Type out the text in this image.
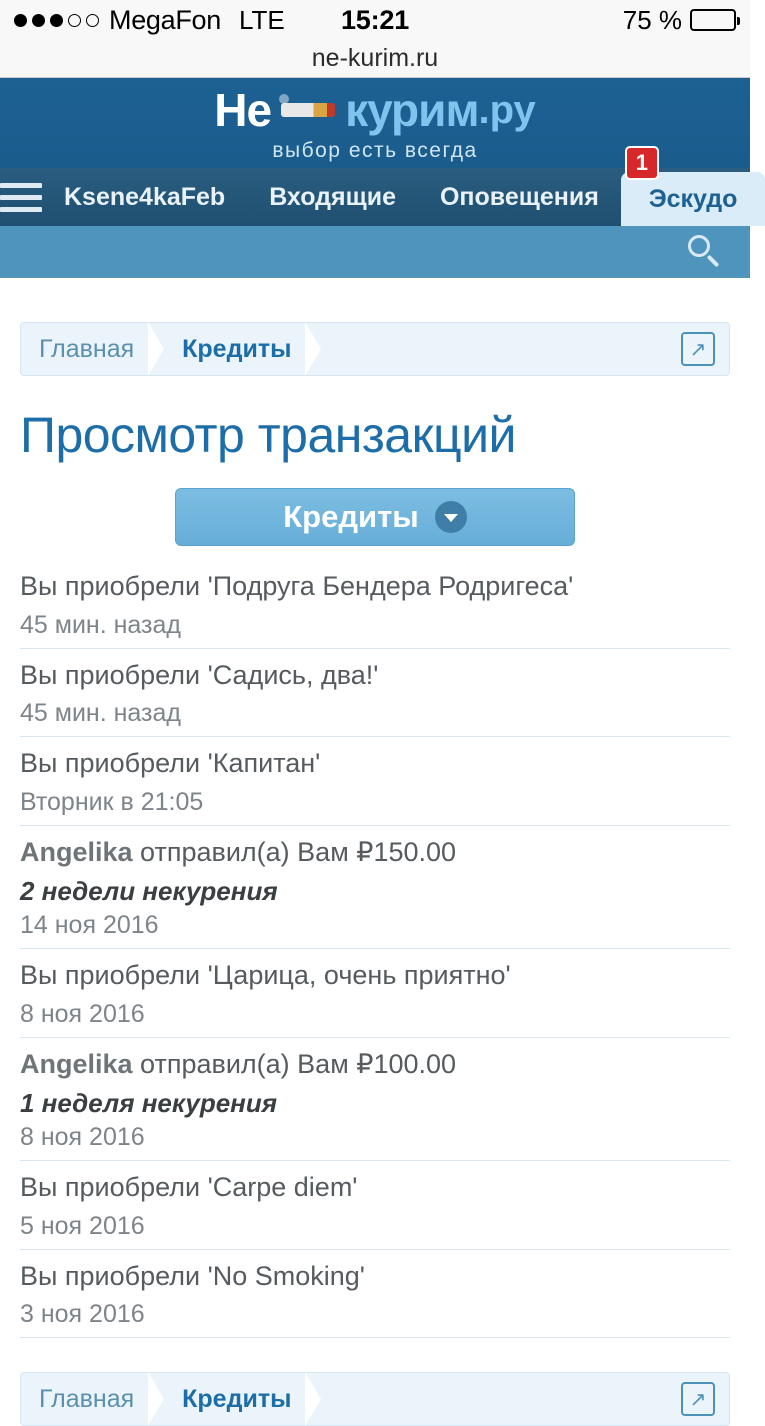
MegaFon LTE	15:21	75 %
ne-kurim.ru
Не курим .ру
выбор есть всегда
Ksene4kaFeb Входящие Оповещения
1
Эскудо
Главная	Кредиты	↗
Просмотр транзакций
Кредиты
Вы приобрели 'Подруга Бендера Родригеса'
45 мин. назад
Вы приобрели 'Садись, два!'
45 мин. назад
Вы приобрели 'Капитан'
Вторник в 21:05
Angelika отправил(а) Вам ₽150.00
2 недели некурения
14 ноя 2016
Вы приобрели 'Царица, очень приятно'
8 ноя 2016
Angelika отправил(а) Вам ₽100.00
1 неделя некурения
8 ноя 2016
Вы приобрели 'Carpe diem'
5 ноя 2016
Вы приобрели 'No Smoking'
3 ноя 2016
Главная	Кредиты	↗
